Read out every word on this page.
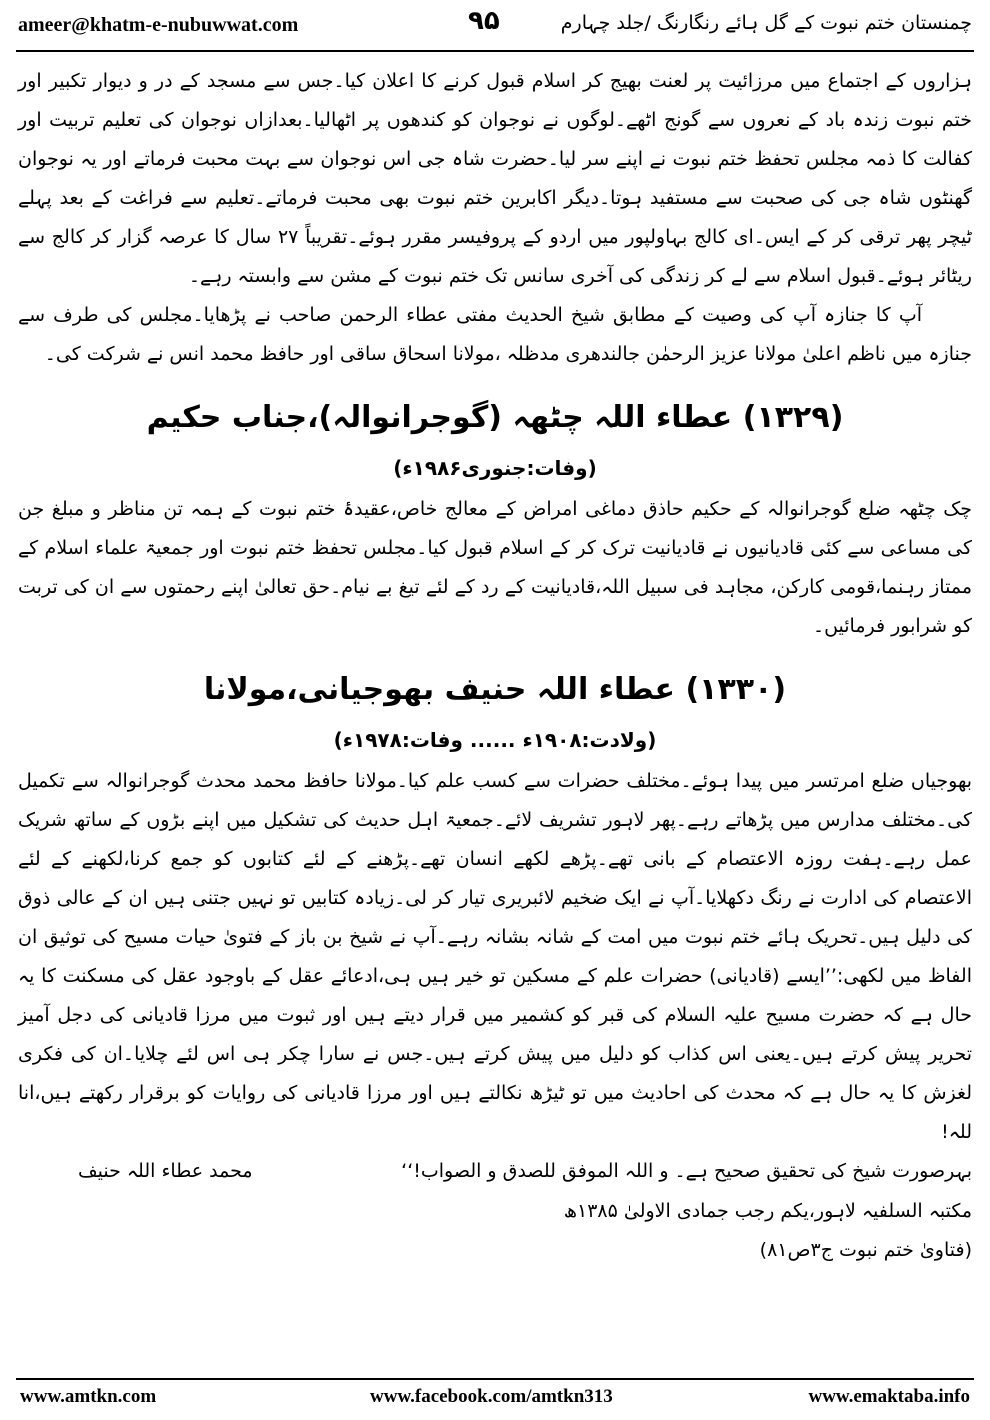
ameer@khatm-e-nubuwwat.com	۹۵	چمنستان ختم نبوت کے گل ہائے رنگارنگ /جلد چہارم

ہزاروں کے اجتماع میں مرزائیت پر لعنت بھیج کر اسلام قبول کرنے کا اعلان کیا۔جس سے مسجد کے در و دیوار تکبیر اور ختم نبوت زندہ باد کے نعروں سے گونج اٹھے۔لوگوں نے نوجوان کو کندھوں پر اٹھالیا۔بعدازاں نوجوان کی تعلیم تربیت اور کفالت کا ذمہ مجلس تحفظ ختم نبوت نے اپنے سر لیا۔حضرت شاہ جی اس نوجوان سے بہت محبت فرماتے اور یہ نوجوان گھنٹوں شاہ جی کی صحبت سے مستفید ہوتا۔دیگر اکابرین ختم نبوت بھی محبت فرماتے۔تعلیم سے فراغت کے بعد پہلے ٹیچر پھر ترقی کر کے ایس۔ای کالج بہاولپور میں اردو کے پروفیسر مقرر ہوئے۔تقریباً ۲۷ سال کا عرصہ گزار کر کالج سے ریٹائر ہوئے۔قبول اسلام سے لے کر زندگی کی آخری سانس تک ختم نبوت کے مشن سے وابستہ رہے۔

آپ کا جنازہ آپ کی وصیت کے مطابق شیخ الحدیث مفتی عطاء الرحمن صاحب نے پڑھایا۔مجلس کی طرف سے جنازہ میں ناظم اعلیٰ مولانا عزیز الرحمٰن جالندھری مدظلہ ،مولانا اسحاق ساقی اور حافظ محمد انس نے شرکت کی۔

(۱۳۲۹) عطاء اللہ چٹھہ (گوجرانوالہ)،جناب حکیم
(وفات:جنوری۱۹۸۶ء)

چک چٹھہ ضلع گوجرانوالہ کے حکیم حاذق دماغی امراض کے معالج خاص،عقیدۂ ختم نبوت کے ہمہ تن مناظر و مبلغ جن کی مساعی سے کئی قادیانیوں نے قادیانیت ترک کر کے اسلام قبول کیا۔مجلس تحفظ ختم نبوت اور جمعیۃ علماء اسلام کے ممتاز رہنما،قومی کارکن، مجاہد فی سبیل اللہ،قادیانیت کے رد کے لئے تیغ بے نیام۔حق تعالیٰ اپنے رحمتوں سے ان کی تربت کو شرابور فرمائیں۔

(۱۳۳۰) عطاء اللہ حنیف بھوجیانی،مولانا
(ولادت:۱۹۰۸ء ...... وفات:۱۹۷۸ء)

بھوجیاں ضلع امرتسر میں پیدا ہوئے۔مختلف حضرات سے کسب علم کیا۔مولانا حافظ محمد محدث گوجرانوالہ سے تکمیل کی۔مختلف مدارس میں پڑھاتے رہے۔پھر لاہور تشریف لائے۔جمعیۃ اہل حدیث کی تشکیل میں اپنے بڑوں کے ساتھ شریک عمل رہے۔ہفت روزہ الاعتصام کے بانی تھے۔پڑھے لکھے انسان تھے۔پڑھنے کے لئے کتابوں کو جمع کرنا،لکھنے کے لئے الاعتصام کی ادارت نے رنگ دکھلایا۔آپ نے ایک ضخیم لائبریری تیار کر لی۔زیادہ کتابیں تو نہیں جتنی ہیں ان کے عالی ذوق کی دلیل ہیں۔تحریک ہائے ختم نبوت میں امت کے شانہ بشانہ رہے۔آپ نے شیخ بن باز کے فتویٰ حیات مسیح کی توثیق ان الفاظ میں لکھی:’’ایسے (قادیانی) حضرات علم کے مسکین تو خیر ہیں ہی،ادعائے عقل کے باوجود عقل کی مسکنت کا یہ حال ہے کہ حضرت مسیح علیہ السلام کی قبر کو کشمیر میں قرار دیتے ہیں اور ثبوت میں مرزا قادیانی کی دجل آمیز تحریر پیش کرتے ہیں۔یعنی اس کذاب کو دلیل میں پیش کرتے ہیں۔جس نے سارا چکر ہی اس لئے چلایا۔ان کی فکری لغزش کا یہ حال ہے کہ محدث کی احادیث میں تو ٹیڑھ نکالتے ہیں اور مرزا قادیانی کی روایات کو برقرار رکھتے ہیں،انا للہ!

بہرصورت شیخ کی تحقیق صحیح ہے۔ و اللہ الموفق للصدق و الصواب!‘‘
محمد عطاء اللہ حنیف

مکتبہ السلفیہ لاہور،یکم رجب جمادی الاولیٰ ۱۳۸۵ھ

(فتاویٰ ختم نبوت ج۳ص۸۱)

www.amtkn.com	www.facebook.com/amtkn313	www.emaktaba.info
